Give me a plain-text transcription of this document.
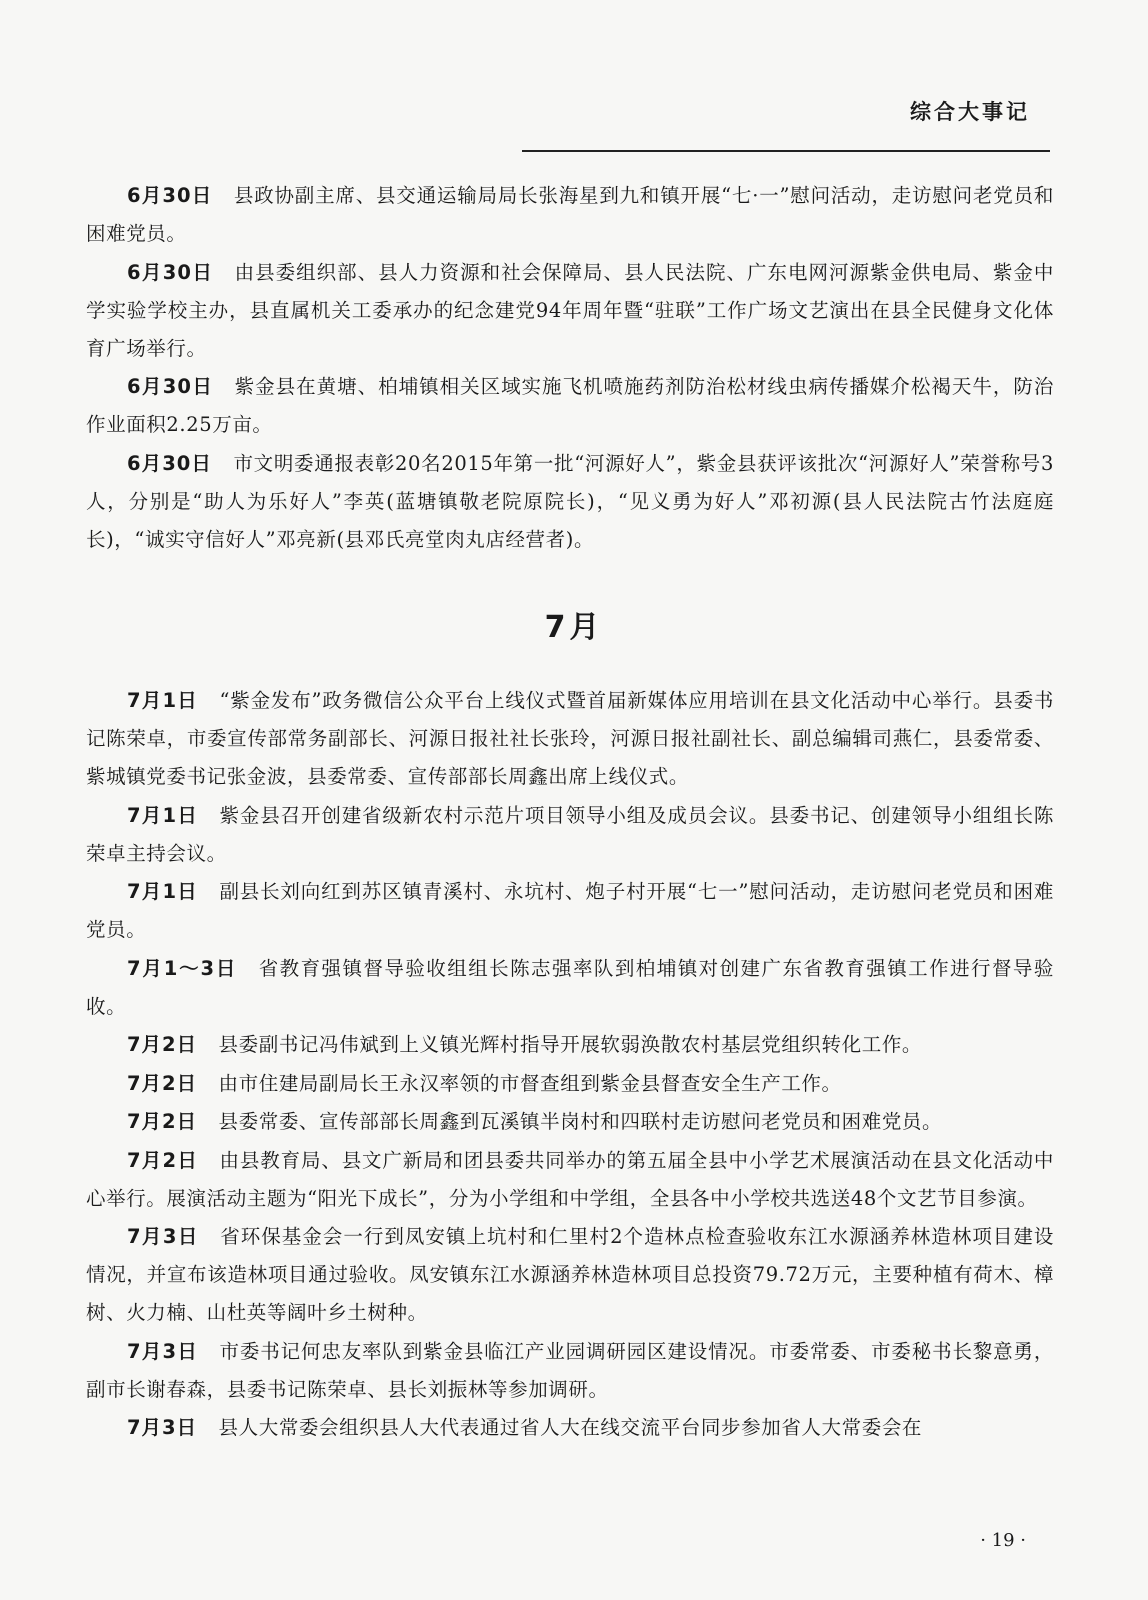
综合大事记

6月30日 县政协副主席、县交通运输局局长张海星到九和镇开展“七·一”慰问活动，走访慰问老党员和困难党员。

6月30日 由县委组织部、县人力资源和社会保障局、县人民法院、广东电网河源紫金供电局、紫金中学实验学校主办，县直属机关工委承办的纪念建党94年周年暨“驻联”工作广场文艺演出在县全民健身文化体育广场举行。

6月30日 紫金县在黄塘、柏埔镇相关区域实施飞机喷施药剂防治松材线虫病传播媒介松褐天牛，防治作业面积2.25万亩。

6月30日 市文明委通报表彰20名2015年第一批“河源好人”，紫金县获评该批次“河源好人”荣誉称号3人，分别是“助人为乐好人”李英(蓝塘镇敬老院原院长)，“见义勇为好人”邓初源(县人民法院古竹法庭庭长)，“诚实守信好人”邓亮新(县邓氏亮堂肉丸店经营者)。

7月

7月1日 “紫金发布”政务微信公众平台上线仪式暨首届新媒体应用培训在县文化活动中心举行。县委书记陈荣卓，市委宣传部常务副部长、河源日报社社长张玲，河源日报社副社长、副总编辑司燕仁，县委常委、紫城镇党委书记张金波，县委常委、宣传部部长周鑫出席上线仪式。

7月1日 紫金县召开创建省级新农村示范片项目领导小组及成员会议。县委书记、创建领导小组组长陈荣卓主持会议。

7月1日 副县长刘向红到苏区镇青溪村、永坑村、炮子村开展“七一”慰问活动，走访慰问老党员和困难党员。

7月1～3日 省教育强镇督导验收组组长陈志强率队到柏埔镇对创建广东省教育强镇工作进行督导验收。

7月2日 县委副书记冯伟斌到上义镇光辉村指导开展软弱涣散农村基层党组织转化工作。

7月2日 由市住建局副局长王永汉率领的市督查组到紫金县督查安全生产工作。

7月2日 县委常委、宣传部部长周鑫到瓦溪镇半岗村和四联村走访慰问老党员和困难党员。

7月2日 由县教育局、县文广新局和团县委共同举办的第五届全县中小学艺术展演活动在县文化活动中心举行。展演活动主题为“阳光下成长”，分为小学组和中学组，全县各中小学校共选送48个文艺节目参演。

7月3日 省环保基金会一行到凤安镇上坑村和仁里村2个造林点检查验收东江水源涵养林造林项目建设情况，并宣布该造林项目通过验收。凤安镇东江水源涵养林造林项目总投资79.72万元，主要种植有荷木、樟树、火力楠、山杜英等阔叶乡土树种。

7月3日 市委书记何忠友率队到紫金县临江产业园调研园区建设情况。市委常委、市委秘书长黎意勇，副市长谢春森，县委书记陈荣卓、县长刘振林等参加调研。

7月3日 县人大常委会组织县人大代表通过省人大在线交流平台同步参加省人大常委会在

· 19 ·
